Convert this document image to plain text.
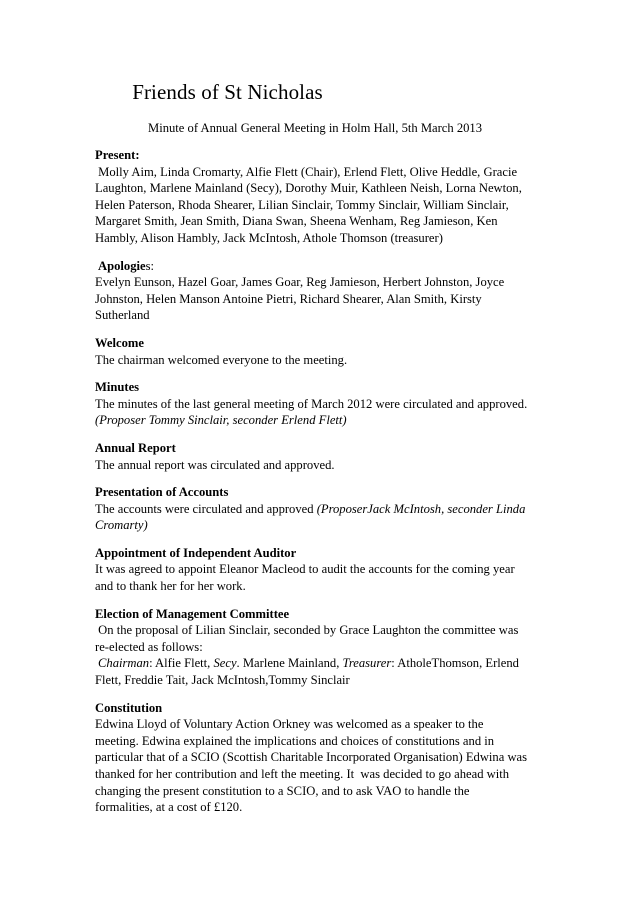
Friends of St Nicholas
Minute of Annual General Meeting in Holm Hall, 5th March 2013
Present:
Molly Aim, Linda Cromarty, Alfie Flett (Chair), Erlend Flett, Olive Heddle, Gracie
Laughton, Marlene Mainland (Secy), Dorothy Muir, Kathleen Neish, Lorna Newton,
Helen Paterson, Rhoda Shearer, Lilian Sinclair, Tommy Sinclair, William Sinclair,
Margaret Smith, Jean Smith, Diana Swan, Sheena Wenham, Reg Jamieson, Ken
Hambly, Alison Hambly, Jack McIntosh, Athole Thomson (treasurer)
Apologies:
Evelyn Eunson, Hazel Goar, James Goar, Reg Jamieson, Herbert Johnston, Joyce
Johnston, Helen Manson Antoine Pietri, Richard Shearer, Alan Smith, Kirsty
Sutherland
Welcome
The chairman welcomed everyone to the meeting.
Minutes
The minutes of the last general meeting of March 2012 were circulated and approved.
(Proposer Tommy Sinclair, seconder Erlend Flett)
Annual Report
The annual report was circulated and approved.
Presentation of Accounts
The accounts were circulated and approved (ProposerJack McIntosh, seconder Linda
Cromarty)
Appointment of Independent Auditor
It was agreed to appoint Eleanor Macleod to audit the accounts for the coming year
and to thank her for her work.
Election of Management Committee
On the proposal of Lilian Sinclair, seconded by Grace Laughton the committee was
re-elected as follows:
Chairman: Alfie Flett, Secy. Marlene Mainland, Treasurer: AtholeThomson, Erlend
Flett, Freddie Tait, Jack McIntosh,Tommy Sinclair
Constitution
Edwina Lloyd of Voluntary Action Orkney was welcomed as a speaker to the
meeting. Edwina explained the implications and choices of constitutions and in
particular that of a SCIO (Scottish Charitable Incorporated Organisation) Edwina was
thanked for her contribution and left the meeting. It  was decided to go ahead with
changing the present constitution to a SCIO, and to ask VAO to handle the
formalities, at a cost of £120.
